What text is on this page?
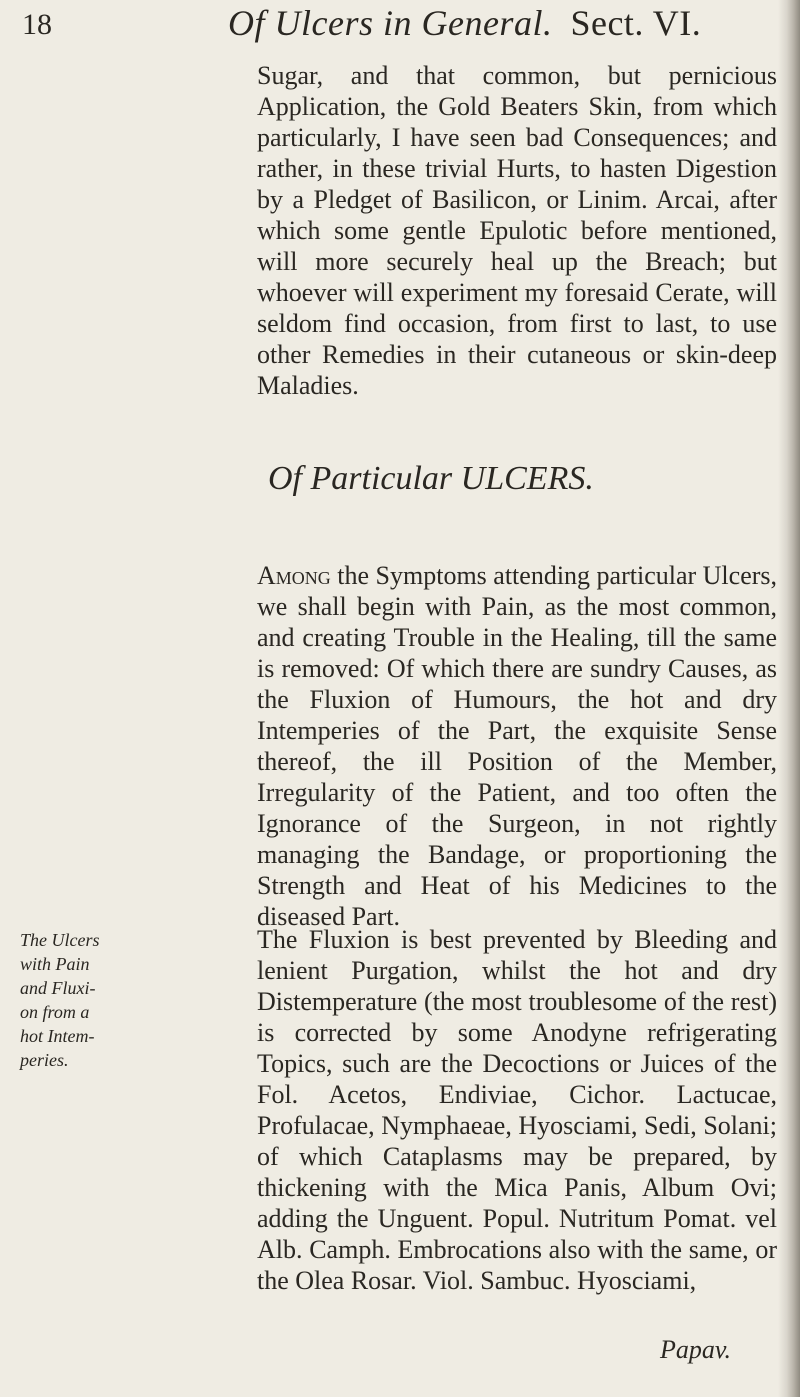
18	Of Ulcers in General. Sect. VI.

Sugar, and that common, but pernicious Application, the Gold Beaters Skin, from which particularly, I have seen bad Consequences; and rather, in these trivial Hurts, to hasten Digestion by a Pledget of Basilicon, or Linim. Arcai, after which some gentle Epulotic before mentioned, will more securely heal up the Breach; but whoever will experiment my foresaid Cerate, will seldom find occasion, from first to last, to use other Remedies in their cutaneous or skin-deep Maladies.

Of Particular ULCERS.

Among the Symptoms attending particular Ulcers, we shall begin with Pain, as the most common, and creating Trouble in the Healing, till the same is removed: Of which there are sundry Causes, as the Fluxion of Humours, the hot and dry Intemperies of the Part, the exquisite Sense thereof, the ill Position of the Member, Irregularity of the Patient, and too often the Ignorance of the Surgeon, in not rightly managing the Bandage, or proportioning the Strength and Heat of his Medicines to the diseased Part.

The Ulcers
with Pain
and Fluxi-
on from a
hot Intem-
peries.

The Fluxion is best prevented by Bleeding and lenient Purgation, whilst the hot and dry Distemperature (the most troublesome of the rest) is corrected by some Anodyne refrigerating Topics, such are the Decoctions or Juices of the Fol. Acetos, Endiviae, Cichor. Lactucae, Profulacae, Nymphaeae, Hyosciami, Sedi, Solani; of which Cataplasms may be prepared, by thickening with the Mica Panis, Album Ovi; adding the Unguent. Popul. Nutritum Pomat. vel Alb. Camph. Embrocations also with the same, or the Olea Rosar. Viol. Sambuc. Hyosciami,

Papav.
